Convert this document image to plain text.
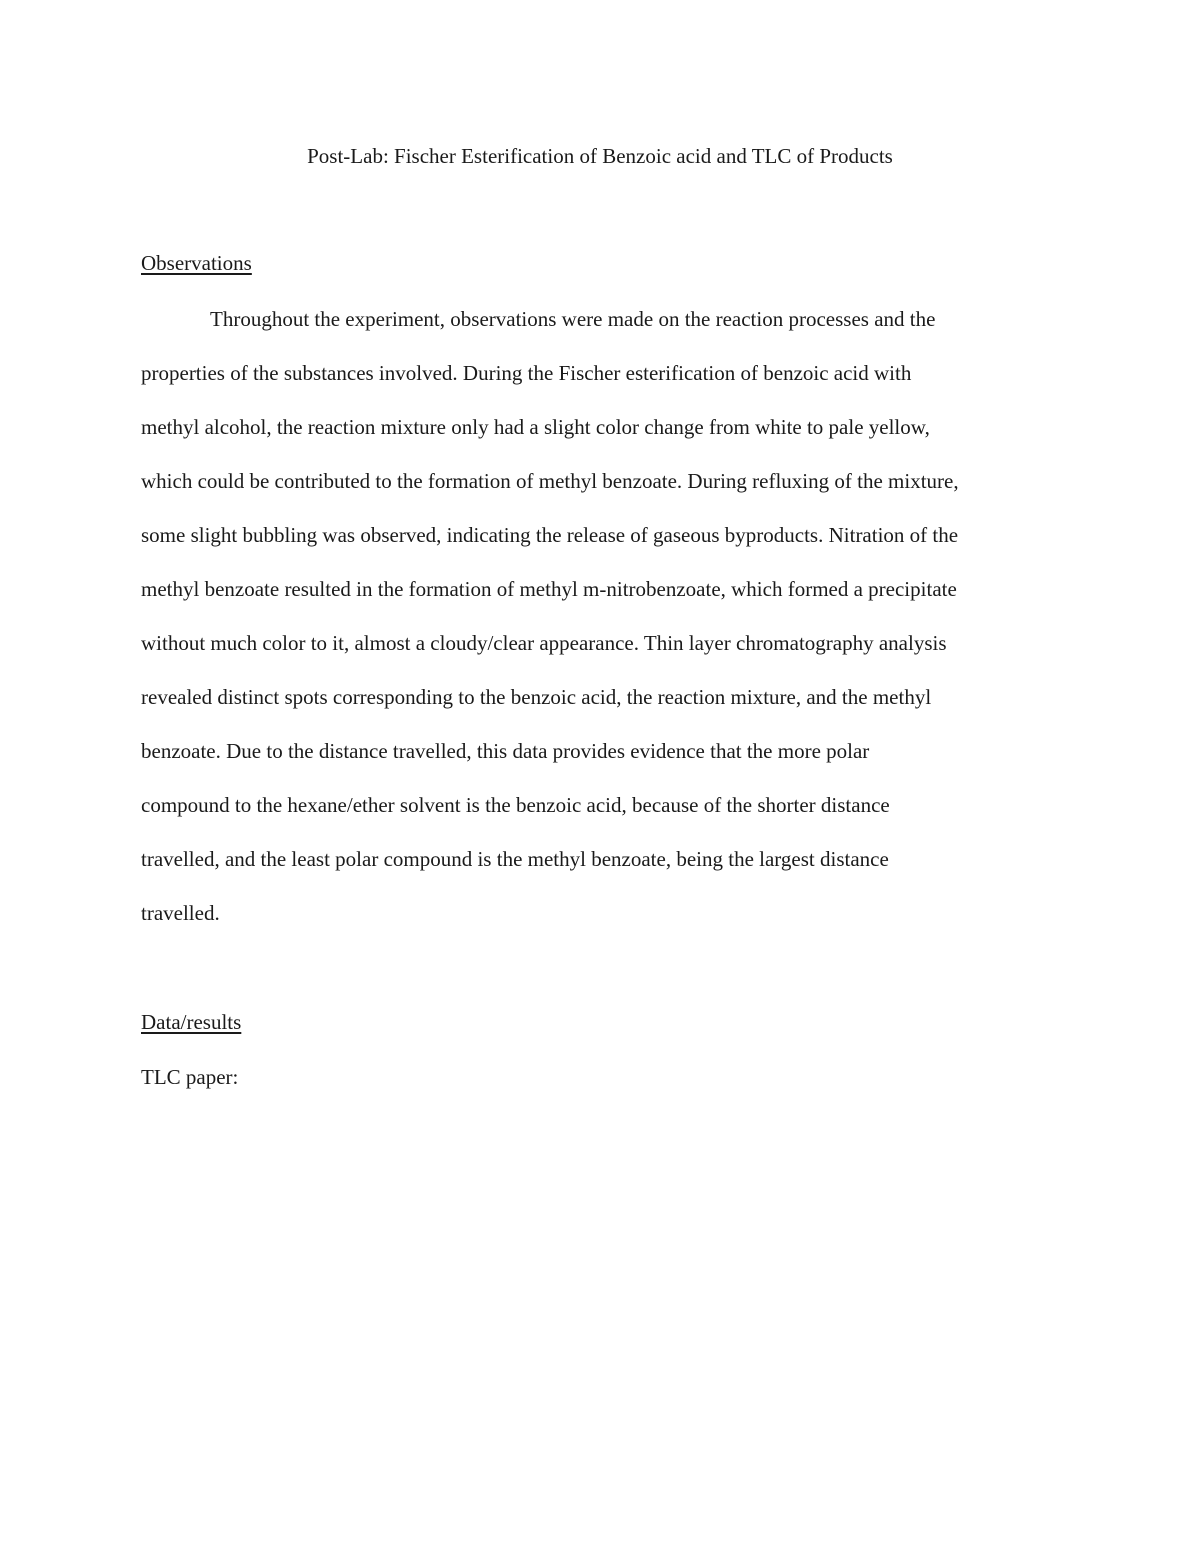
Post-Lab: Fischer Esterification of Benzoic acid and TLC of Products
Observations
Throughout the experiment, observations were made on the reaction processes and the
properties of the substances involved. During the Fischer esterification of benzoic acid with
methyl alcohol, the reaction mixture only had a slight color change from white to pale yellow,
which could be contributed to the formation of methyl benzoate. During refluxing of the mixture,
some slight bubbling was observed, indicating the release of gaseous byproducts. Nitration of the
methyl benzoate resulted in the formation of methyl m-nitrobenzoate, which formed a precipitate
without much color to it, almost a cloudy/clear appearance. Thin layer chromatography analysis
revealed distinct spots corresponding to the benzoic acid, the reaction mixture, and the methyl
benzoate. Due to the distance travelled, this data provides evidence that the more polar
compound to the hexane/ether solvent is the benzoic acid, because of the shorter distance
travelled, and the least polar compound is the methyl benzoate, being the largest distance
travelled.
Data/results

TLC paper:
